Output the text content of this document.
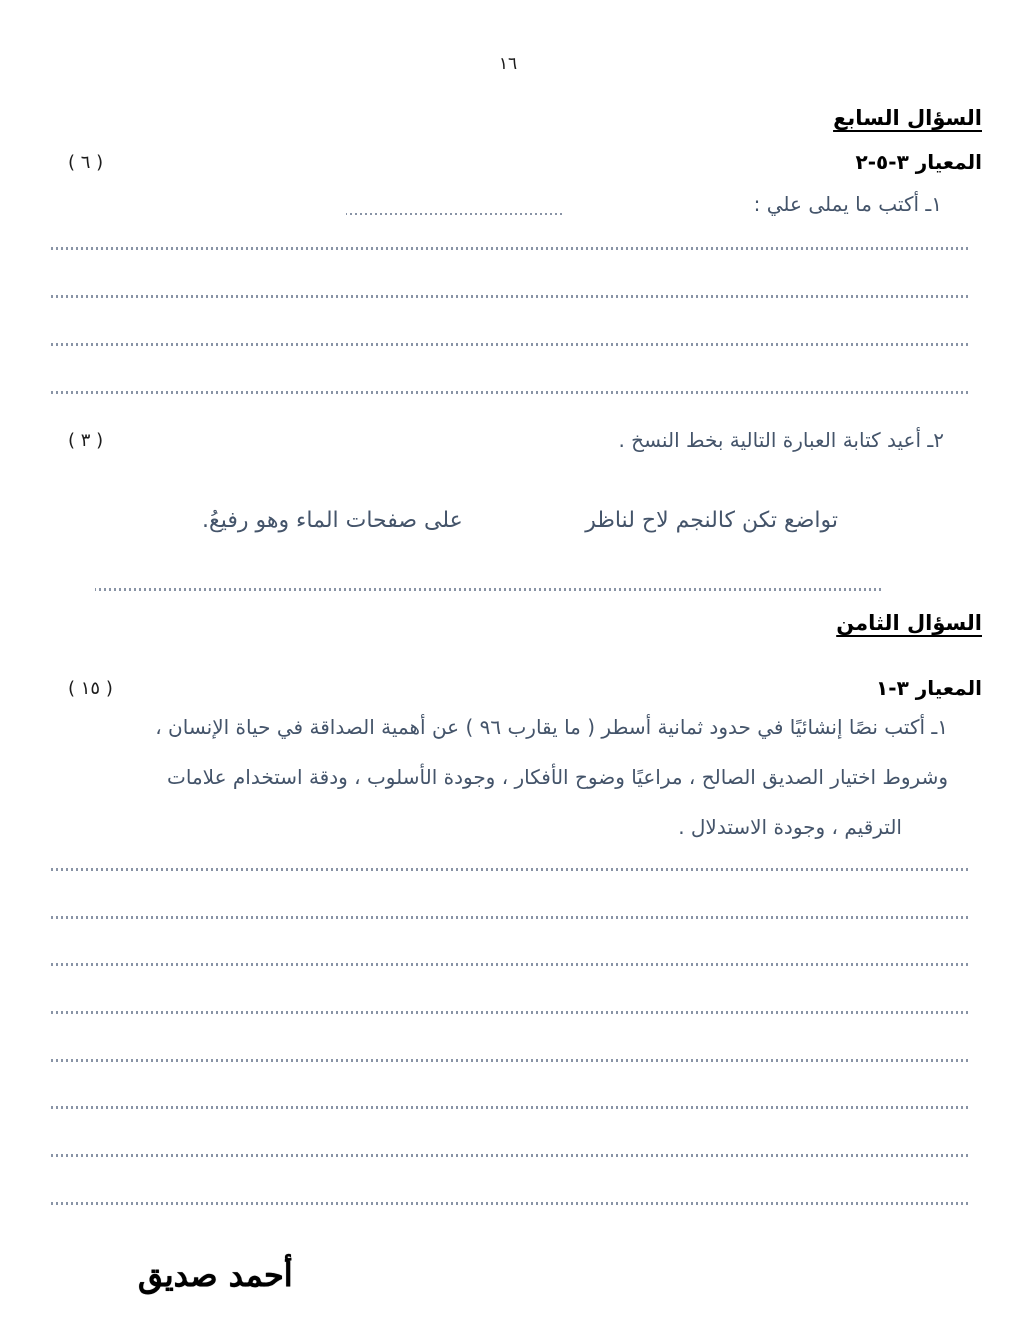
١٦
السؤال السابع
المعيار ٣-٥-٢
( ٦ )
١ـ أكتب ما يملى علي :
٢ـ أعيد كتابة العبارة التالية بخط النسخ .
( ٣ )
تواضع تكن كالنجم لاح لناظر
على صفحات الماء وهو رفيعُ.
السؤال الثامن
المعيار ٣-١
( ١٥ )
١ـ أكتب نصًا إنشائيًا في حدود ثمانية أسطر ( ما يقارب ٩٦ ) عن أهمية الصداقة في حياة الإنسان ،
وشروط اختيار الصديق الصالح ، مراعيًا وضوح الأفكار ، وجودة الأسلوب ، ودقة استخدام علامات
الترقيم ، وجودة الاستدلال .
أحمد صديق
